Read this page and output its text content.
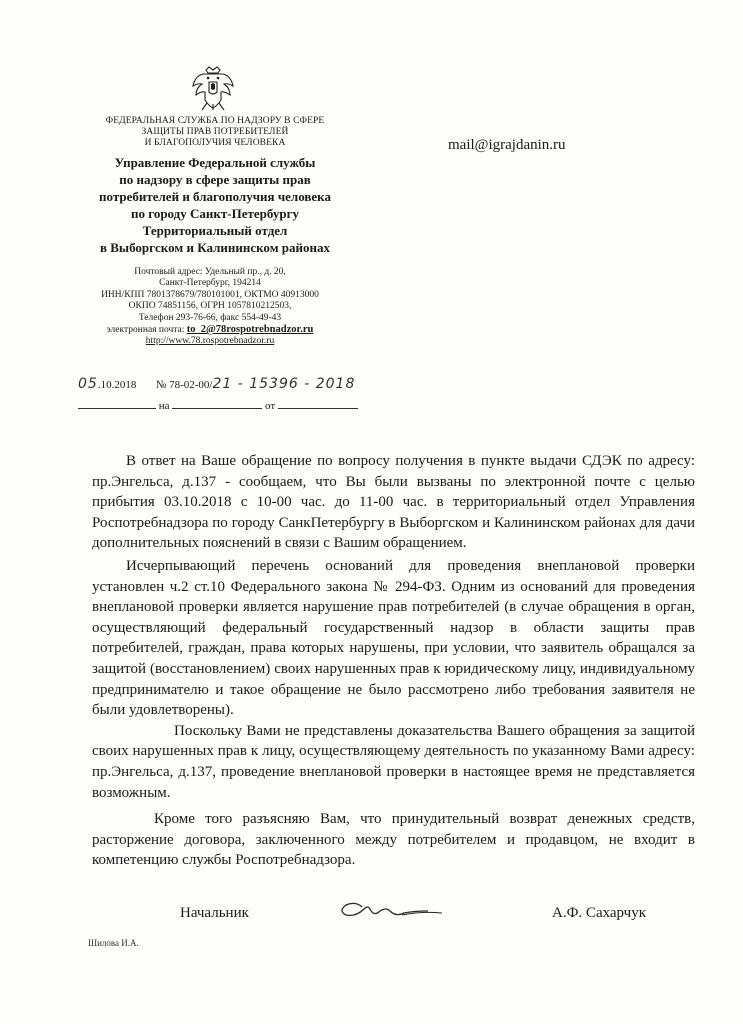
ФЕДЕРАЛЬНАЯ СЛУЖБА ПО НАДЗОРУ В СФЕРЕ
ЗАЩИТЫ ПРАВ ПОТРЕБИТЕЛЕЙ
И БЛАГОПОЛУЧИЯ ЧЕЛОВЕКА
Управление Федеральной службы
по надзору в сфере защиты прав
потребителей и благополучия человека
по городу Санкт-Петербургу
Территориальный отдел
в Выборгском и Калининском районах
Почтовый адрес: Удельный пр., д. 20,
Санкт-Петербург, 194214
ИНН/КПП 7801378679/780101001, ОКТМО 40913000
ОКПО 74851156, ОГРН 1057810212503,
Телефон 293-76-66, факс 554-49-43
электронная почта: to_2@78rospotrebnadzor.ru
http://www.78.rospotrebnadzor.ru
mail@igrajdanin.ru
05.10.2018 № 78-02-00/21 - 15396 - 2018
на	от

В ответ на Ваше обращение по вопросу получения в пункте выдачи СДЭК по адресу: пр.Энгельса, д.137 - сообщаем, что Вы были вызваны по электронной почте с целью прибытия 03.10.2018 с 10-00 час. до 11-00 час. в территориальный отдел Управления Роспотребнадзора по городу СанкПетербургу в Выборгском и Калининском районах для дачи дополнительных пояснений в связи с Вашим обращением.

Исчерпывающий перечень оснований для проведения внеплановой проверки установлен ч.2 ст.10 Федерального закона № 294-ФЗ. Одним из оснований для проведения внеплановой проверки является нарушение прав потребителей (в случае обращения в орган, осуществляющий федеральный государственный надзор в области защиты прав потребителей, граждан, права которых нарушены, при условии, что заявитель обращался за защитой (восстановлением) своих нарушенных прав к юридическому лицу, индивидуальному предпринимателю и такое обращение не было рассмотрено либо требования заявителя не были удовлетворены).

Поскольку Вами не представлены доказательства Вашего обращения за защитой своих нарушенных прав к лицу, осуществляющему деятельность по указанному Вами адресу: пр.Энгельса, д.137, проведение внеплановой проверки в настоящее время не представляется возможным.

Кроме того разъясняю Вам, что принудительный возврат денежных средств, расторжение договора, заключенного между потребителем и продавцом, не входит в компетенцию службы Роспотребнадзора.

Начальник	А.Ф. Сахарчук
Шилова И.А.
